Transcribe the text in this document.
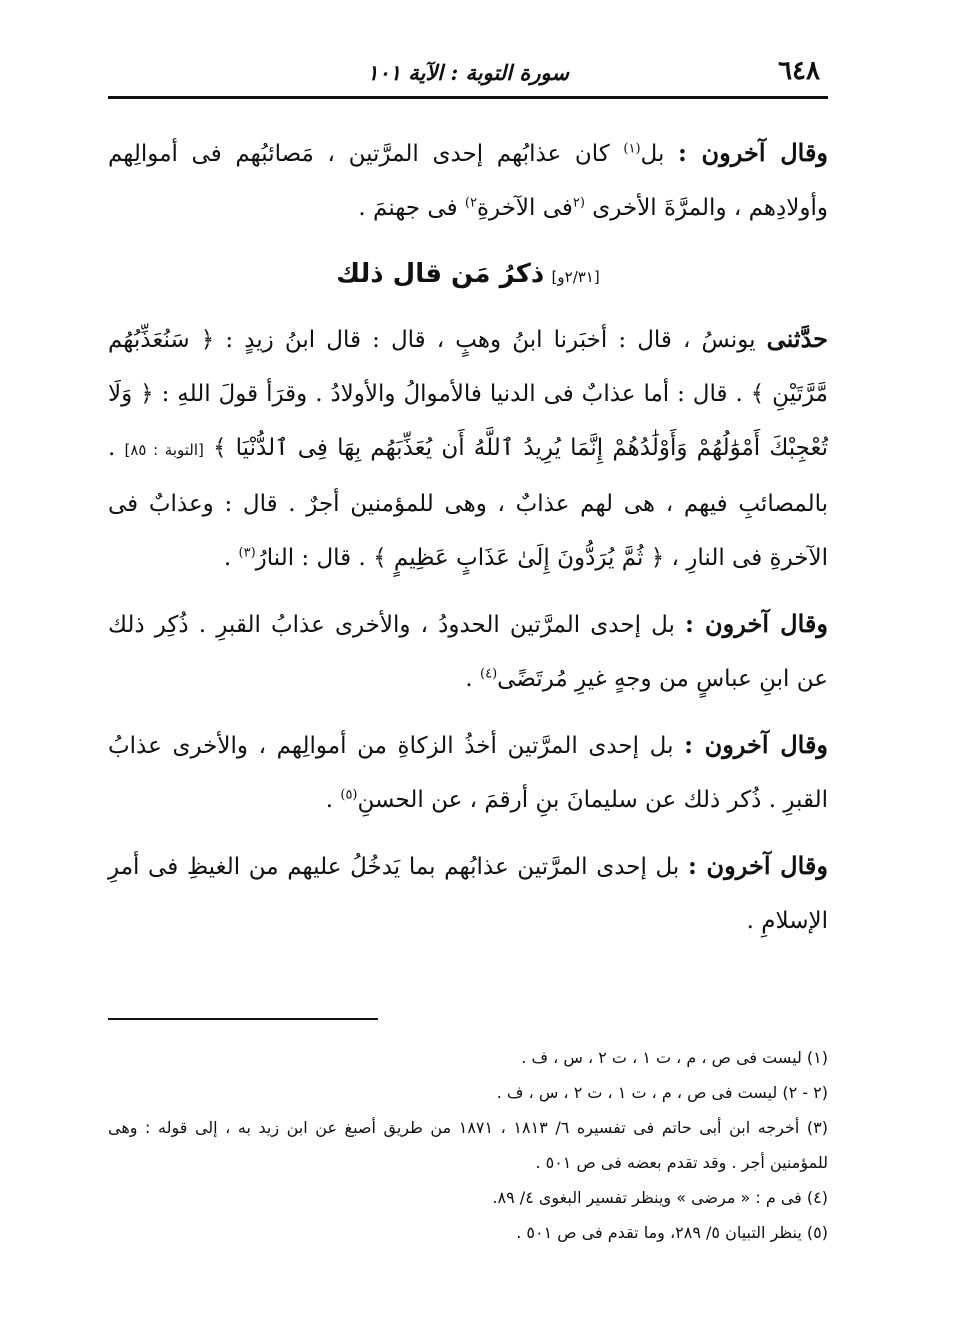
٦٤٨
سورة التوبة : الآية ١٠١

وقال آخرون : بل$^{(١)}$ كان عذابُهم إحدى المرَّتين ، مَصائبُهم فى أموالِهم وأولادِهم ، والمرَّةَ الأخرى $^{(٢}$فى الآخرةِ$^{٢)}$ فى جهنمَ .

[٢/٣١و] ذكرُ مَن قال ذلك

حدَّثنى يونسُ ، قال : أخبَرنا ابنُ وهبٍ ، قال : قال ابنُ زيدٍ : ﴿ سَنُعَذِّبُهُم مَّرَّتَيْنِ ﴾ . قال : أما عذابٌ فى الدنيا فالأموالُ والأولادُ . وقرَأ قولَ اللهِ : ﴿ وَلَا تُعْجِبْكَ أَمْوَٰلُهُمْ وَأَوْلَٰدُهُمْ إِنَّمَا يُرِيدُ ٱللَّهُ أَن يُعَذِّبَهُم بِهَا فِى ٱلدُّنْيَا ﴾ [التوبة : ٨٥] . بالمصائبِ فيهم ، هى لهم عذابٌ ، وهى للمؤمنين أجرٌ . قال : وعذابٌ فى الآخرةِ فى النارِ ، ﴿ ثُمَّ يُرَدُّونَ إِلَىٰ عَذَابٍ عَظِيمٍ ﴾ . قال : النارُ$^{(٣)}$ .

وقال آخرون : بل إحدى المرَّتين الحدودُ ، والأخرى عذابُ القبرِ . ذُكِر ذلك عن ابنِ عباسٍ من وجهٍ غيرِ مُرتَضًى$^{(٤)}$ .

وقال آخرون : بل إحدى المرَّتين أخذُ الزكاةِ من أموالِهم ، والأخرى عذابُ القبرِ . ذُكر ذلك عن سليمانَ بنِ أرقمَ ، عن الحسنِ$^{(٥)}$ .

وقال آخرون : بل إحدى المرَّتين عذابُهم بما يَدخُلُ عليهم من الغيظِ فى أمرِ الإسلامِ .

(١) ليست فى ص ، م ، ت ١ ، ت ٢ ، س ، ف .

(٢ - ٢) ليست فى ص ، م ، ت ١ ، ت ٢ ، س ، ف .

(٣) أخرجه ابن أبى حاتم فى تفسيره ٦/ ١٨١٣ ، ١٨٧١ من طريق أصبغ عن ابن زيد به ، إلى قوله : وهى للمؤمنين أجر . وقد تقدم بعضه فى ص ٥٠١ .

(٤) فى م : « مرضى » وينظر تفسير البغوى ٤/ ٨٩.

(٥) ينظر التبيان ٥/ ٢٨٩، وما تقدم فى ص ٥٠١ .
